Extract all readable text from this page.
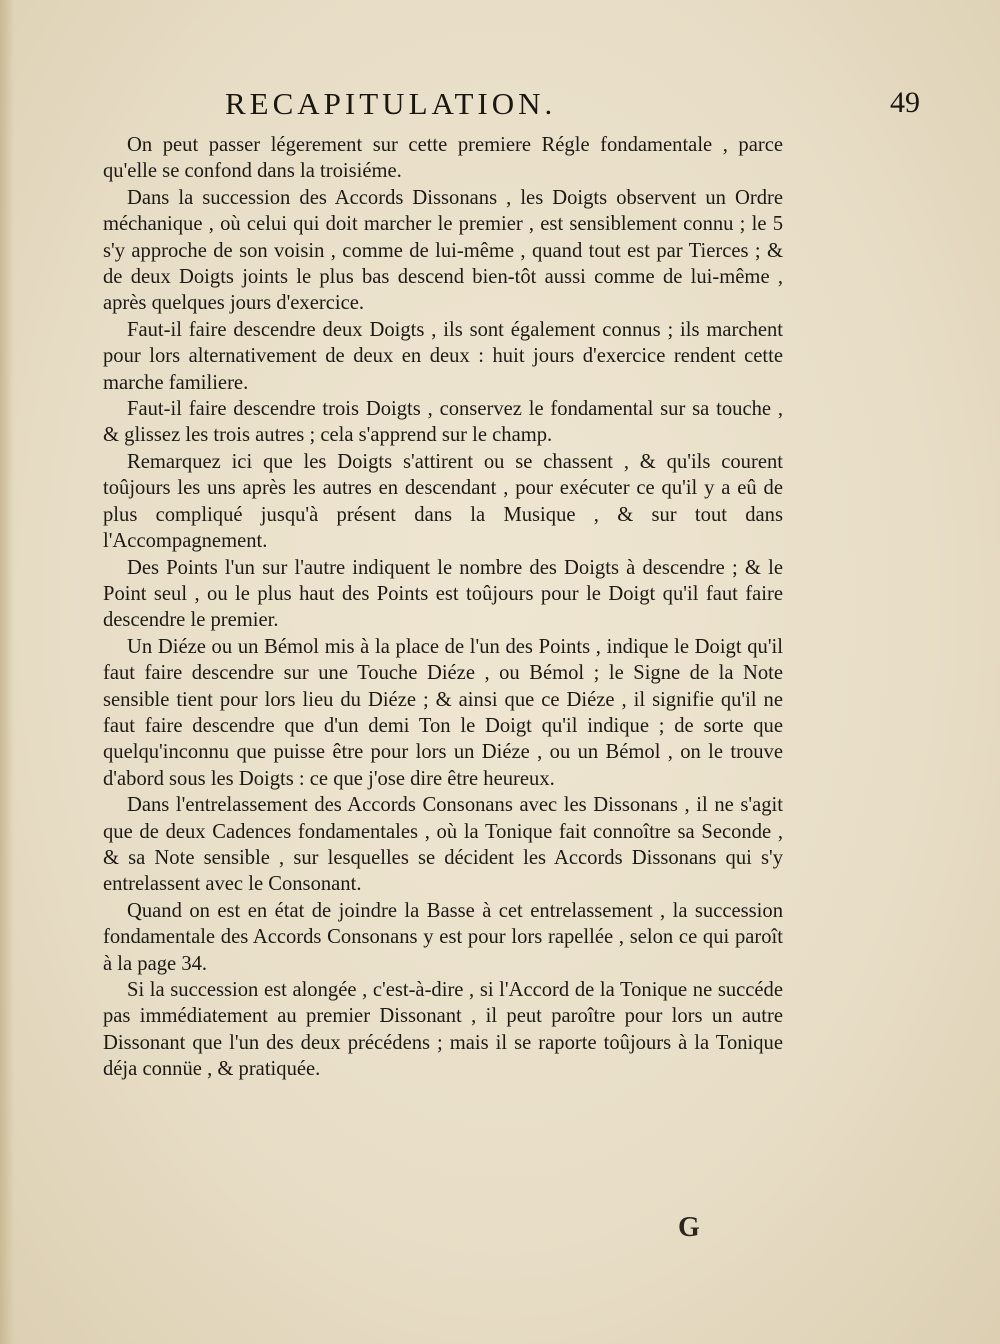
RECAPITULATION.	49

On peut passer légerement sur cette premiere Régle fondamentale , parce qu'elle se confond dans la troisiéme.

Dans la succession des Accords Dissonans , les Doigts observent un Ordre méchanique , où celui qui doit marcher le premier , est sensiblement connu ; le 5 s'y approche de son voisin , comme de lui-même , quand tout est par Tierces ; & de deux Doigts joints le plus bas descend bien-tôt aussi comme de lui-même , après quelques jours d'exercice.

Faut-il faire descendre deux Doigts , ils sont également connus ; ils marchent pour lors alternativement de deux en deux : huit jours d'exercice rendent cette marche familiere.

Faut-il faire descendre trois Doigts , conservez le fondamental sur sa touche , & glissez les trois autres ; cela s'apprend sur le champ.

Remarquez ici que les Doigts s'attirent ou se chassent , & qu'ils courent toûjours les uns après les autres en descendant , pour exécuter ce qu'il y a eû de plus compliqué jusqu'à présent dans la Musique , & sur tout dans l'Accompagnement.

Des Points l'un sur l'autre indiquent le nombre des Doigts à descendre ; & le Point seul , ou le plus haut des Points est toûjours pour le Doigt qu'il faut faire descendre le premier.

Un Diéze ou un Bémol mis à la place de l'un des Points , indique le Doigt qu'il faut faire descendre sur une Touche Diéze , ou Bémol ; le Signe de la Note sensible tient pour lors lieu du Diéze ; & ainsi que ce Diéze , il signifie qu'il ne faut faire descendre que d'un demi Ton le Doigt qu'il indique ; de sorte que quelqu'inconnu que puisse être pour lors un Diéze , ou un Bémol , on le trouve d'abord sous les Doigts : ce que j'ose dire être heureux.

Dans l'entrelassement des Accords Consonans avec les Dissonans , il ne s'agit que de deux Cadences fondamentales , où la Tonique fait connoître sa Seconde , & sa Note sensible , sur lesquelles se décident les Accords Dissonans qui s'y entrelassent avec le Consonant.

Quand on est en état de joindre la Basse à cet entrelassement , la succession fondamentale des Accords Consonans y est pour lors rapellée , selon ce qui paroît à la page 34.

Si la succession est alongée , c'est-à-dire , si l'Accord de la Tonique ne succéde pas immédiatement au premier Dissonant , il peut paroître pour lors un autre Dissonant que l'un des deux précédens ; mais il se raporte toûjours à la Tonique déja connüe , & pratiquée.

G
